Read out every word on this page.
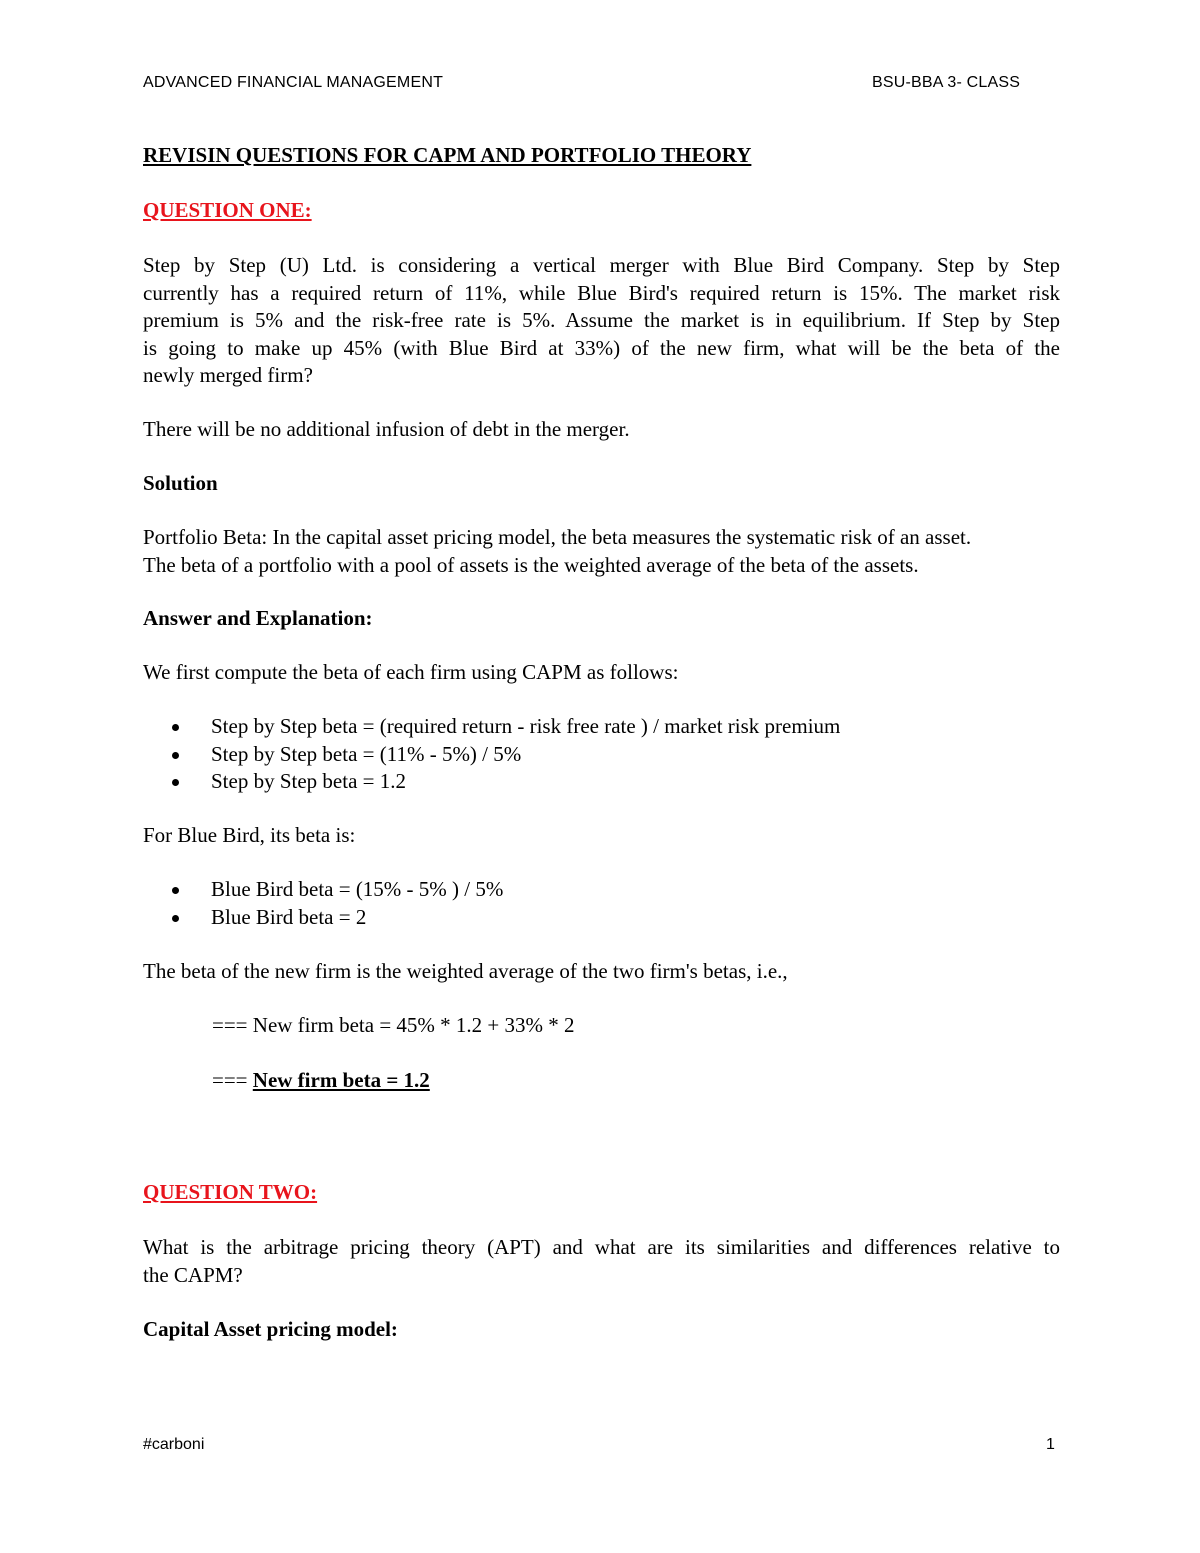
ADVANCED FINANCIAL MANAGEMENT	BSU-BBA 3- CLASS
REVISIN QUESTIONS FOR CAPM AND PORTFOLIO THEORY
QUESTION ONE:
Step by Step (U) Ltd. is considering a vertical merger with Blue Bird Company. Step by Step
currently has a required return of 11%, while Blue Bird's required return is 15%. The market risk
premium is 5% and the risk-free rate is 5%. Assume the market is in equilibrium. If Step by Step
is going to make up 45% (with Blue Bird at 33%) of the new firm, what will be the beta of the
newly merged firm?
There will be no additional infusion of debt in the merger.
Solution
Portfolio Beta: In the capital asset pricing model, the beta measures the systematic risk of an asset.
The beta of a portfolio with a pool of assets is the weighted average of the beta of the assets.
Answer and Explanation:
We first compute the beta of each firm using CAPM as follows:
Step by Step beta = (required return - risk free rate ) / market risk premium
Step by Step beta = (11% - 5%) / 5%
Step by Step beta = 1.2
For Blue Bird, its beta is:
Blue Bird beta = (15% - 5% ) / 5%
Blue Bird beta = 2
The beta of the new firm is the weighted average of the two firm's betas, i.e.,
=== New firm beta = 45% * 1.2 + 33% * 2
=== New firm beta = 1.2
QUESTION TWO:
What is the arbitrage pricing theory (APT) and what are its similarities and differences relative to
the CAPM?
Capital Asset pricing model:
#carboni	1
